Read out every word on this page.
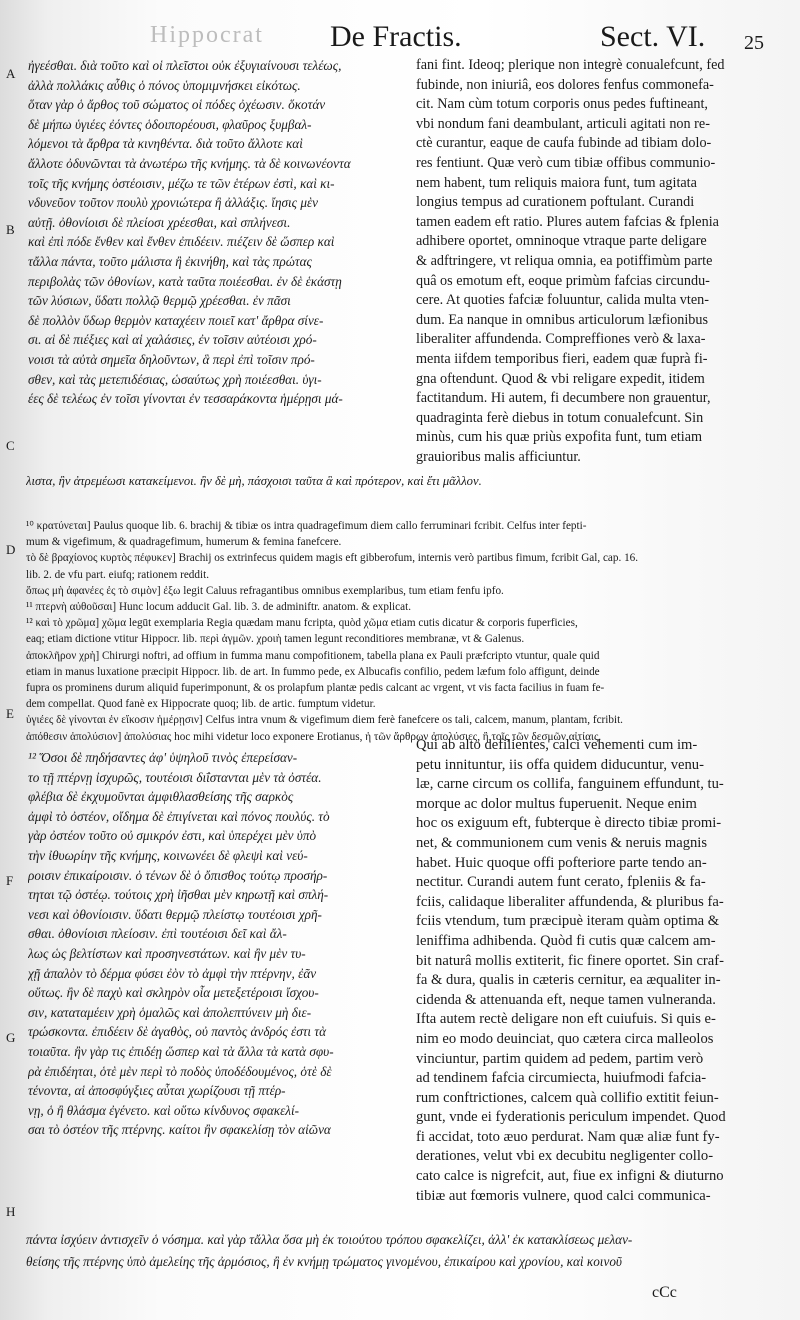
Hippocrat De Fractis.	Sect. VI. 25
A
B
C
D
E
F
G
H
ἠγεέσθαι. διὰ τοῦτο καὶ οἱ πλεῖστοι οὐκ ἐξυγιαίνουσι τελέως,
ἀλλὰ πολλάκις αὖθις ὁ πόνος ὑπομιμνήσκει εἰκότως.
ὅταν γὰρ ὁ ἄρθος τοῦ σώματος οἱ πόδες ὀχέωσιν. ὅκοτάν
δὲ μήπω ὑγιέες ἐόντες ὁδοιπορέουσι, φλαῦρος ξυμβαλ-
λόμενοι τὰ ἄρθρα τὰ κινηθέντα. διὰ τοῦτο ἄλλοτε καὶ
ἄλλοτε ὀδυνῶνται τὰ ἀνωτέρω τῆς κνήμης. τὰ δὲ κοινωνέοντα
τοῖς τῆς κνήμης ὀστέοισιν, μέζω τε τῶν ἑτέρων ἐστὶ, καὶ κι-
νδυνεῦον τοῦτον πουλὺ χρονιώτερα ἢ ἀλλάξις. ἴησις μὲν
αὐτῇ. ὀθονίοισι δὲ πλείοσι χρέεσθαι, καὶ σπλήνεσι.
καὶ ἐπὶ πόδε ἔνθεν καὶ ἔνθεν ἐπιδέειν. πιέζειν δὲ ὥσπερ καὶ
τἄλλα πάντα, τοῦτο μάλιστα ἢ ἐκινήθη, καὶ τὰς πρώτας
περιβολὰς τῶν ὀθονίων, κατὰ ταῦτα ποιέεσθαι. ἐν δὲ ἑκάστῃ
τῶν λύσιων, ὕδατι πολλῷ θερμῷ χρέεσθαι. ἐν πᾶσι
δὲ πολλὸν ὕδωρ θερμὸν καταχέειν ποιεῖ κατ' ἄρθρα σίνε-
σι. αἱ δὲ πιέξιες καὶ αἱ χαλάσιες, ἐν τοῖσιν αὐτέοισι χρό-
νοισι τὰ αὐτὰ σημεῖα δηλοῦντων, ἃ περὶ ἐπὶ τοῖσιν πρό-
σθεν, καὶ τὰς μετεπιδέσιας, ὡσαύτως χρὴ ποιέεσθαι. ὑγι-
έες δὲ τελέως ἐν τοῖσι γίνονται ἐν τεσσαράκοντα ἡμέρῃσι μά-
λιστα, ἢν ἀτρεμέωσι κατακείμενοι. ἢν δὲ μὴ, πάσχοισι ταῦτα ἃ καὶ πρότερον, καὶ ἔτι μᾶλλον.
fani fint. Ideoq; plerique non integrè conualefcunt, fed
fubinde, non iniuriâ, eos dolores fenfus commonefa-
cit. Nam cùm totum corporis onus pedes fuftineant,
vbi nondum fani deambulant, articuli agitati non re-
ctè curantur, eaque de caufa fubinde ad tibiam dolo-
res fentiunt. Quæ verò cum tibiæ offibus communio-
nem habent, tum reliquis maiora funt, tum agitata
longius tempus ad curationem poftulant. Curandi
tamen eadem eft ratio. Plures autem fafcias & fplenia
adhibere oportet, omninoque vtraque parte deligare
& adftringere, vt reliqua omnia, ea potiffimùm parte
quâ os emotum eft, eoque primùm fafcias circundu-
cere. At quoties fafciæ foluuntur, calida multa vten-
dum. Ea nanque in omnibus articulorum læfionibus
liberaliter affundenda. Compreffiones verò & laxa-
menta iifdem temporibus fieri, eadem quæ fuprà fi-
gna oftendunt. Quod & vbi religare expedit, itidem
factitandum. Hi autem, fi decumbere non grauentur,
quadraginta ferè diebus in totum conualefcunt. Sin
minùs, cum his quæ priùs expofita funt, tum etiam
grauioribus malis afficiuntur.
¹⁰ κρατύνεται] Paulus quoque lib. 6. brachij & tibiæ os intra quadragefimum diem callo ferruminari fcribit. Celfus inter fepti-
mum & vigefimum, & quadragefimum, humerum & femina fanefcere.
τὸ δὲ βραχίονος κυρτὸς πέφυκεν] Brachij os extrinfecus quidem magis eft gibberofum, internis verò partibus fimum, fcribit Gal, cap. 16.
lib. 2. de vfu part. eiufq; rationem reddit.
ὅπως μὴ ἀφανέες ἐς τὸ σιμὸν] ἐξω legit Caluus refragantibus omnibus exemplaribus, tum etiam fenfu ipfo.
¹¹ πτερνὴ αὐθοῦσαι] Hunc locum adducit Gal. lib. 3. de adminiftr. anatom. & explicat.
¹² καὶ τὸ χρῶμα] χῶμα legūt exemplaria Regia quædam manu fcripta, quòd χῶμα etiam cutis dicatur & corporis fuperficies,
eaq; etiam dictione vtitur Hippocr. lib. περὶ ἀγμῶν. χροιὴ tamen legunt reconditiores membranæ, vt & Galenus.
ἀποκλῆρον χρὴ] Chirurgi noftri, ad offium in fumma manu compofitionem, tabella plana ex Pauli præfcripto vtuntur, quale quid
etiam in manus luxatione præcipit Hippocr. lib. de art. In fummo pede, ex Albucafis confilio, pedem læfum folo affigunt, deinde
fupra os prominens durum aliquid fuperimponunt, & os prolapfum plantæ pedis calcant ac vrgent, vt vis facta facilius in fuam fe-
dem compellat. Quod fanè ex Hippocrate quoq; lib. de artic. fumptum videtur.
ὑγιέες δὲ γίνονται ἐν εἴκοσιν ἡμέρῃσιν] Celfus intra vnum & vigefimum diem ferè fanefcere os tali, calcem, manum, plantam, fcribit.
ἀπόθεσιν ἀπολύσιον] ἀπολύσιας hoc mihi videtur loco exponere Erotianus, ἡ τῶν ἄρθρων ἀπολύσιες, ἢ τοῖς τῶν δεσμῶν αἰτίαις.
¹² Ὅσοι δὲ πηδήσαντες ἀφ' ὑψηλοῦ τινὸς ἐπερείσαν-
το τῇ πτέρνῃ ἰσχυρῶς, τουτέοισι διΐστανται μὲν τὰ ὀστέα.
φλέβια δὲ ἐκχυμοῦνται ἀμφιθλασθείσης τῆς σαρκὸς
ἀμφὶ τὸ ὀστέον, οἴδημα δὲ ἐπιγίνεται καὶ πόνος πουλύς. τὸ
γὰρ ὀστέον τοῦτο οὐ σμικρόν ἐστι, καὶ ὑπερέχει μὲν ὑπὸ
τὴν ἰθυωρίην τῆς κνήμης, κοινωνέει δὲ φλεψὶ καὶ νεύ-
ροισιν ἐπικαίροισιν. ὁ τένων δὲ ὁ ὄπισθος τούτῳ προσήρ-
τηται τῷ ὀστέῳ. τούτοις χρὴ ἰῆσθαι μὲν κηρωτῇ καὶ σπλή-
νεσι καὶ ὀθονίοισιν. ὕδατι θερμῷ πλείστῳ τουτέοισι χρῆ-
σθαι. ὀθονίοισι πλείοσιν. ἐπὶ τουτέοισι δεῖ καὶ ἄλ-
λως ὡς βελτίστων καὶ προσηνεστάτων. καὶ ἢν μὲν τυ-
χῇ ἁπαλὸν τὸ δέρμα φύσει ἐὸν τὸ ἀμφὶ τὴν πτέρνην, ἐᾶν
οὕτως. ἢν δὲ παχὺ καὶ σκληρὸν οἷα μετεξετέροισι ἴσχου-
σιν, καταταμέειν χρὴ ὁμαλῶς καὶ ἀπολεπτύνειν μὴ διε-
τρώσκοντα. ἐπιδέειν δὲ ἀγαθὸς, οὐ παντὸς ἀνδρός ἐστι τὰ
τοιαῦτα. ἢν γὰρ τις ἐπιδέῃ ὥσπερ καὶ τὰ ἄλλα τὰ κατὰ σφυ-
ρὰ ἐπιδέηται, ὁτὲ μὲν περὶ τὸ ποδὸς ὑποδέδουμένος, ὁτὲ δὲ
τένοντα, αἱ ἀποσφύγξιες αὗται χωρίζουσι τῇ πτέρ-
νῃ, ὁ ἢ θλάσμα ἐγένετο. καὶ οὕτω κίνδυνος σφακελί-
σαι τὸ ὀστέον τῆς πτέρνης. καίτοι ἢν σφακελίσῃ τὸν αἰῶνα
Qui ab alto defilientes, calci vehementi cum im-
petu innituntur, iis offa quidem diducuntur, venu-
læ, carne circum os collifa, fanguinem effundunt, tu-
morque ac dolor multus fuperuenit. Neque enim
hoc os exiguum eft, fubterque è directo tibiæ promi-
net, & communionem cum venis & neruis magnis
habet. Huic quoque offi pofteriore parte tendo an-
nectitur. Curandi autem funt cerato, fpleniis & fa-
fciis, calidaque liberaliter affundenda, & pluribus fa-
fciis vtendum, tum præcipuè iteram quàm optima &
leniffima adhibenda. Quòd fi cutis quæ calcem am-
bit naturâ mollis extiterit, fic finere oportet. Sin craf-
fa & dura, qualis in cæteris cernitur, ea æqualiter in-
cidenda & attenuanda eft, neque tamen vulneranda.
Ifta autem rectè deligare non eft cuiufuis. Si quis e-
nim eo modo deuinciat, quo cætera circa malleolos
vinciuntur, partim quidem ad pedem, partim verò
ad tendinem fafcia circumiecta, huiufmodi fafcia-
rum conftrictiones, calcem quà collifio extitit feiun-
gunt, vnde ei fyderationis periculum impendet. Quod
fi accidat, toto æuo perdurat. Nam quæ aliæ funt fy-
derationes, velut vbi ex decubitu negligenter collo-
cato calce is nigrefcit, aut, fiue ex infigni & diuturno
tibiæ aut fœmoris vulnere, quod calci communica-
πάντα ἰσχύειν ἀντισχεῖν ὁ νόσημα. καὶ γὰρ τἄλλα ὅσα μὴ ἐκ τοιούτου τρόπου σφακελίζει, ἀλλ' ἐκ κατακλίσεως μελαν-
θείσης τῆς πτέρνης ὑπὸ ἀμελείης τῆς ἀρμόσιος, ἢ ἐν κνήμῃ τρώματος γινομένου, ἐπικαίρου καὶ χρονίου, καὶ κοινοῦ
cCc
